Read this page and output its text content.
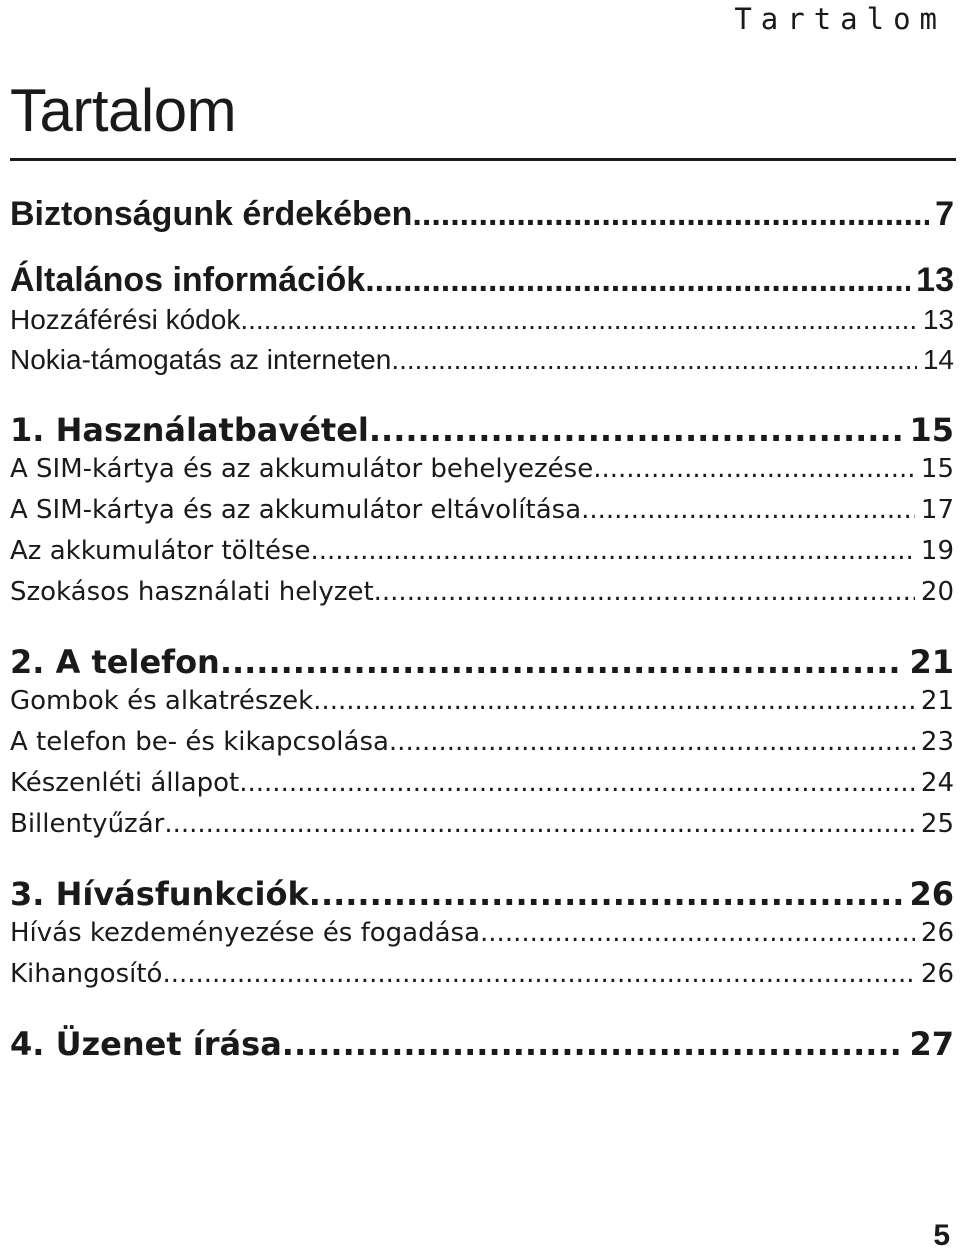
Tartalom
Tartalom
Biztonságunk érdekében .....	7
Általános információk .....	13
Hozzáférési kódok .....	13
Nokia-támogatás az interneten .....	14
1. Használatbavétel .....	15
A SIM-kártya és az akkumulátor behelyezése .....	15
A SIM-kártya és az akkumulátor eltávolítása .....	17
Az akkumulátor töltése .....	19
Szokásos használati helyzet .....	20
2. A telefon .....	21
Gombok és alkatrészek .....	21
A telefon be- és kikapcsolása .....	23
Készenléti állapot .....	24
Billentyűzár .....	25
3. Hívásfunkciók .....	26
Hívás kezdeményezése és fogadása .....	26
Kihangosító .....	26
4. Üzenet írása .....	27
5
